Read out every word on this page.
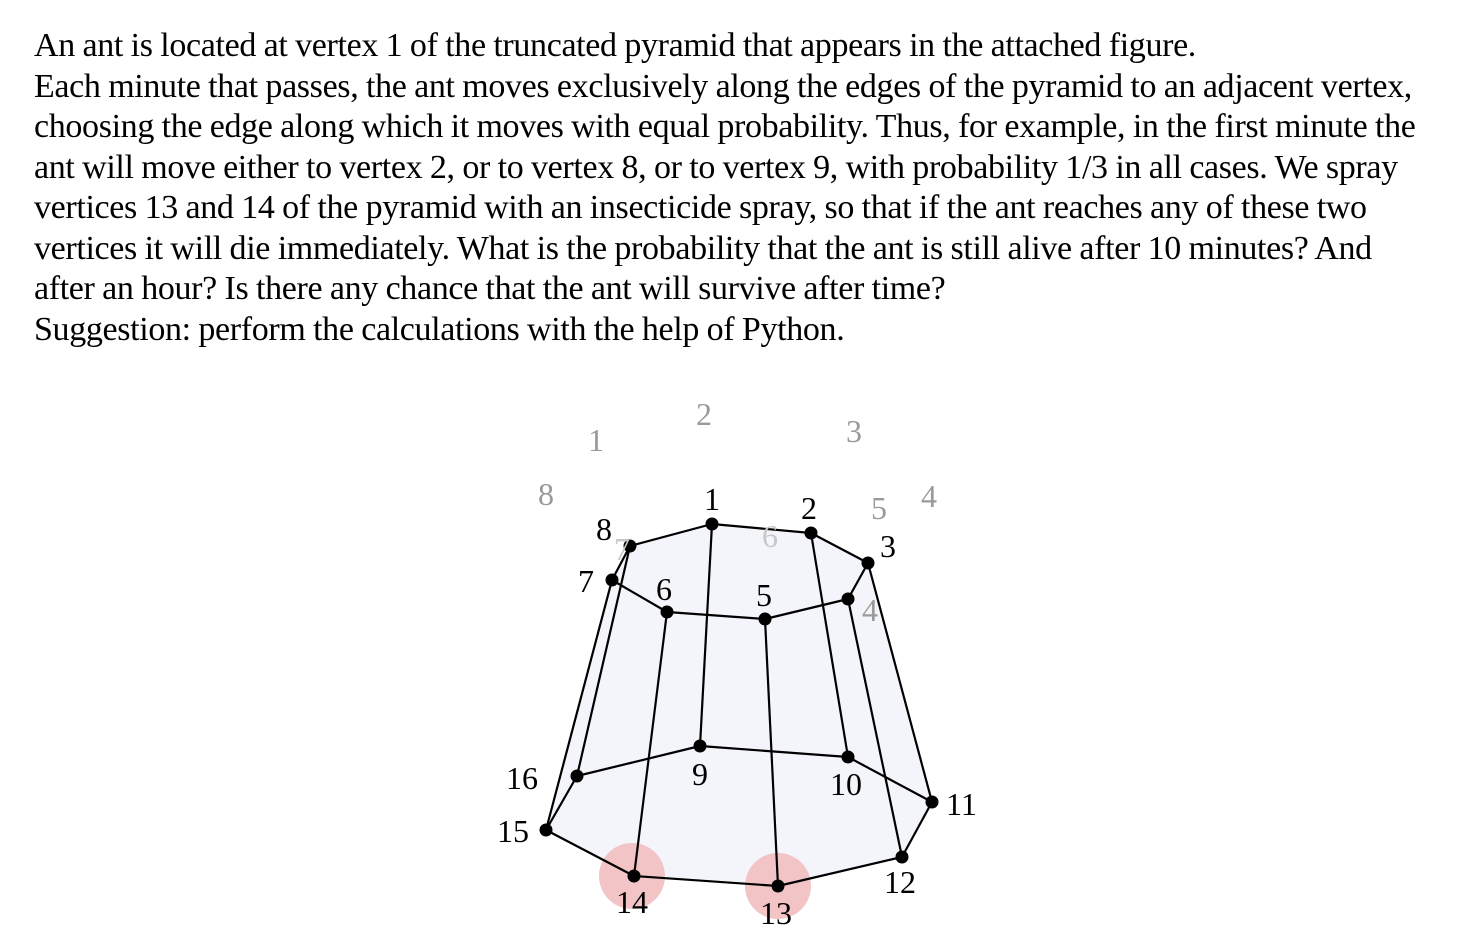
An ant is located at vertex 1 of the truncated pyramid that appears in the attached figure.

Each minute that passes, the ant moves exclusively along the edges of the pyramid to an adjacent vertex, choosing the edge along which it moves with equal probability. Thus, for example, in the first minute the ant will move either to vertex 2, or to vertex 8, or to vertex 9, with probability 1/3 in all cases. We spray vertices 13 and 14 of the pyramid with an insecticide spray, so that if the ant reaches any of these two vertices it will die immediately. What is the probability that the ant is still alive after 10 minutes? And after an hour? Is there any chance that the ant will survive after time?

Suggestion: perform the calculations with the help of Python.

1
2	3
4
5
6
7
8
4
1	2
3
5
6
7
8
9	10
11
12
13
14
15
16
